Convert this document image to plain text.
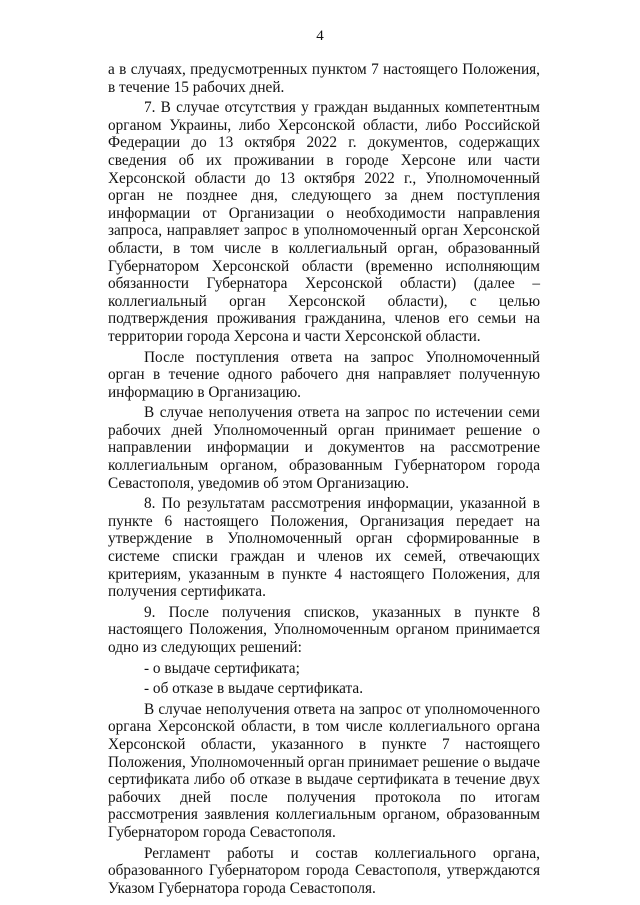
4

а в случаях, предусмотренных пунктом 7 настоящего Положения, в течение 15 рабочих дней.

7. В случае отсутствия у граждан выданных компетентным органом Украины, либо Херсонской области, либо Российской Федерации до 13 октября 2022 г. документов, содержащих сведения об их проживании в городе Херсоне или части Херсонской области до 13 октября 2022 г., Уполномоченный орган не позднее дня, следующего за днем поступления информации от Организации о необходимости направления запроса, направляет запрос в уполномоченный орган Херсонской области, в том числе в коллегиальный орган, образованный Губернатором Херсонской области (временно исполняющим обязанности Губернатора Херсонской области) (далее – коллегиальный орган Херсонской области), с целью подтверждения проживания гражданина, членов его семьи на территории города Херсона и части Херсонской области.

После поступления ответа на запрос Уполномоченный орган в течение одного рабочего дня направляет полученную информацию в Организацию.

В случае неполучения ответа на запрос по истечении семи рабочих дней Уполномоченный орган принимает решение о направлении информации и документов на рассмотрение коллегиальным органом, образованным Губернатором города Севастополя, уведомив об этом Организацию.

8. По результатам рассмотрения информации, указанной в пункте 6 настоящего Положения, Организация передает на утверждение в Уполномоченный орган сформированные в системе списки граждан и членов их семей, отвечающих критериям, указанным в пункте 4 настоящего Положения, для получения сертификата.

9. После получения списков, указанных в пункте 8 настоящего Положения, Уполномоченным органом принимается одно из следующих решений:

- о выдаче сертификата;

- об отказе в выдаче сертификата.

В случае неполучения ответа на запрос от уполномоченного органа Херсонской области, в том числе коллегиального органа Херсонской области, указанного в пункте 7 настоящего Положения, Уполномоченный орган принимает решение о выдаче сертификата либо об отказе в выдаче сертификата в течение двух рабочих дней после получения протокола по итогам рассмотрения заявления коллегиальным органом, образованным Губернатором города Севастополя.

Регламент работы и состав коллегиального органа, образованного Губернатором города Севастополя, утверждаются Указом Губернатора города Севастополя.
